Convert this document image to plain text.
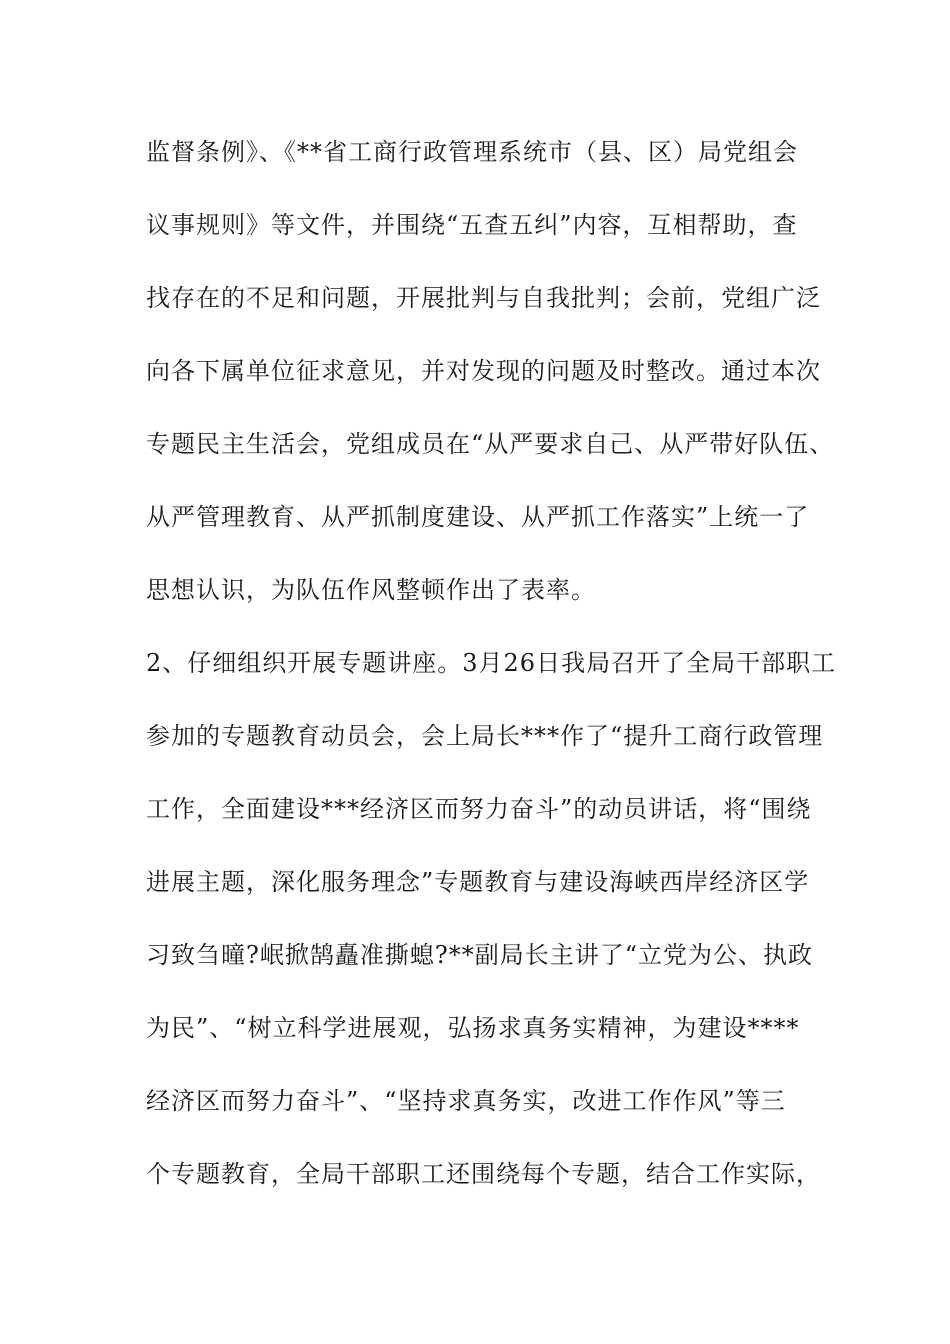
监督条例》、《**省工商行政管理系统市（县、区）局党组会
议事规则》等文件，并围绕“五查五纠”内容，互相帮助，查
找存在的不足和问题，开展批判与自我批判；会前，党组广泛
向各下属单位征求意见，并对发现的问题及时整改。通过本次
专题民主生活会，党组成员在“从严要求自己、从严带好队伍、
从严管理教育、从严抓制度建设、从严抓工作落实”上统一了
思想认识，为队伍作风整顿作出了表率。
2、仔细组织开展专题讲座。3月26日我局召开了全局干部职工
参加的专题教育动员会，会上局长***作了“提升工商行政管理
工作，全面建设***经济区而努力奋斗”的动员讲话，将“围绕
进展主题，深化服务理念”专题教育与建设海峡西岸经济区学
习致刍曈?岷掀鹄矗准撕螅?**副局长主讲了“立党为公、执政
为民”、“树立科学进展观，弘扬求真务实精神，为建设****
经济区而努力奋斗”、“坚持求真务实，改进工作作风”等三
个专题教育，全局干部职工还围绕每个专题，结合工作实际，
